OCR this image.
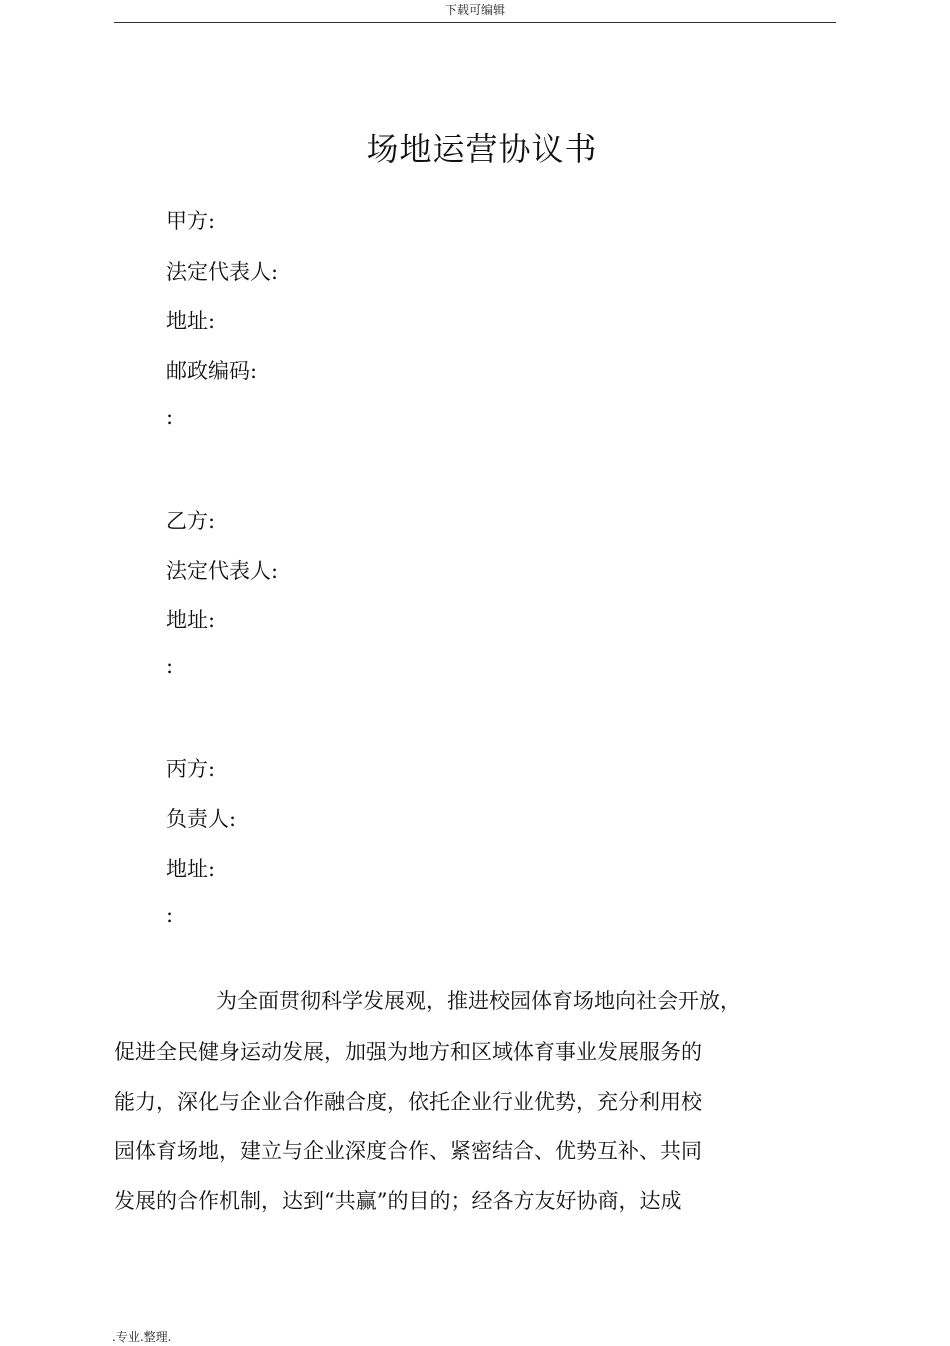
下载可编辑
场地运营协议书
甲方:
法定代表人:
地址:
邮政编码:
:
乙方:
法定代表人:
地址:
:
丙方:
负责人:
地址:
:
为全面贯彻科学发展观，推进校园体育场地向社会开放，
促进全民健身运动发展，加强为地方和区域体育事业发展服务的
能力，深化与企业合作融合度，依托企业行业优势，充分利用校
园体育场地，建立与企业深度合作、紧密结合、优势互补、共同
发展的合作机制，达到“共赢”的目的；经各方友好协商，达成
.专业.整理.
